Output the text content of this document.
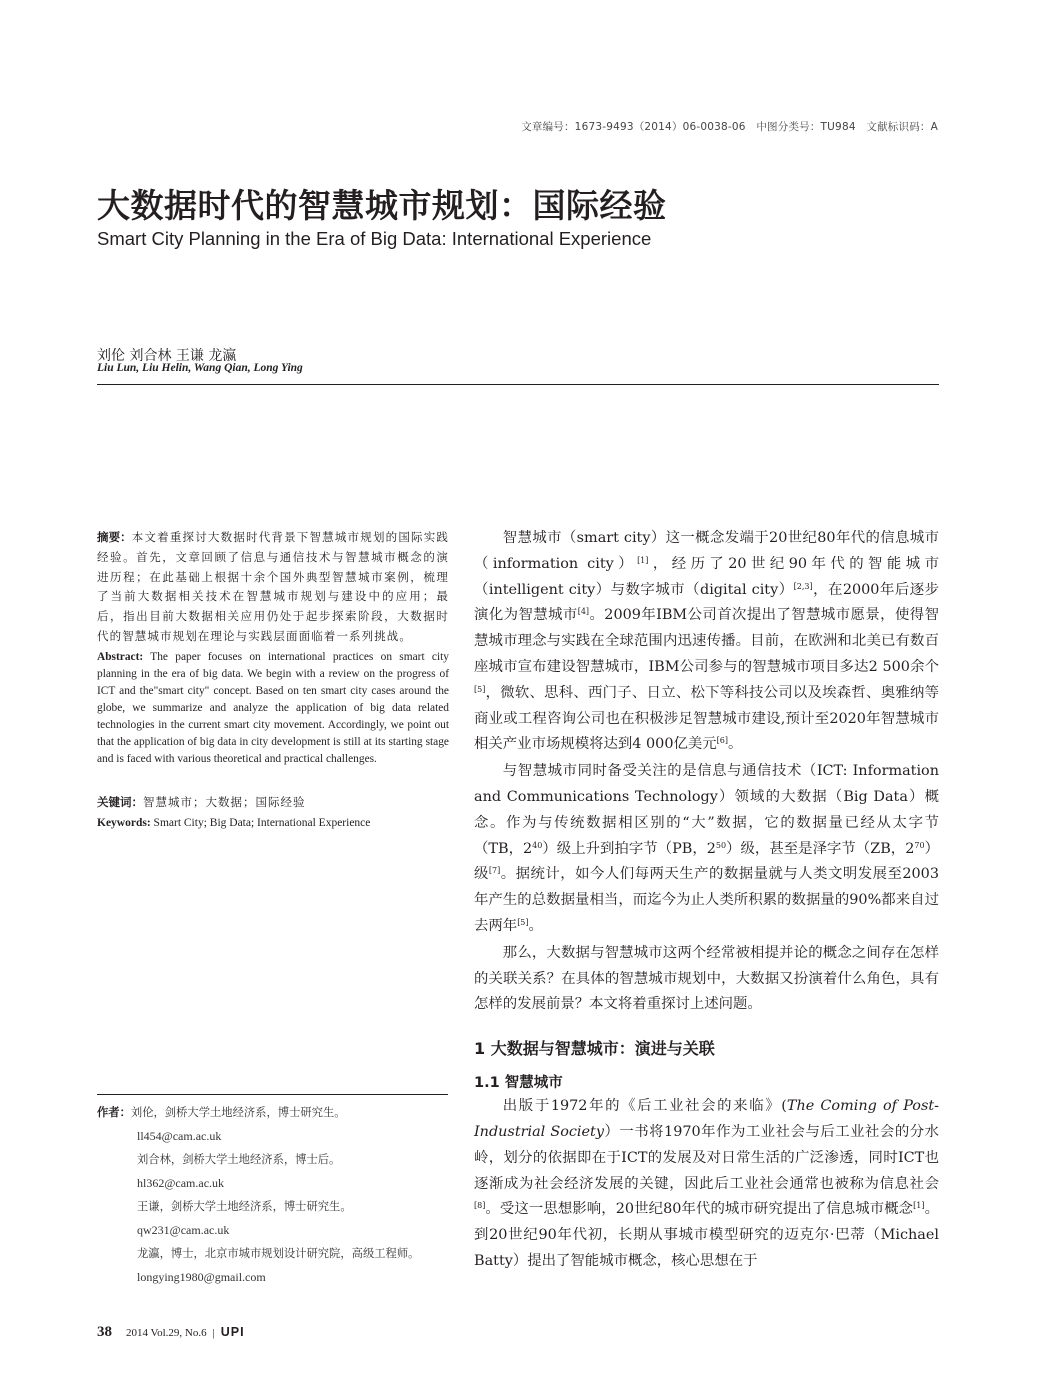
文章编号：1673-9493（2014）06-0038-06　中图分类号：TU984　文献标识码：A
大数据时代的智慧城市规划：国际经验
Smart City Planning in the Era of Big Data: International Experience
刘伦 刘合林 王谦 龙瀛
Liu Lun, Liu Helin, Wang Qian, Long Ying
摘要：本文着重探讨大数据时代背景下智慧城市规划的国际实践经验。首先，文章回顾了信息与通信技术与智慧城市概念的演进历程；在此基础上根据十余个国外典型智慧城市案例，梳理了当前大数据相关技术在智慧城市规划与建设中的应用；最后，指出目前大数据相关应用仍处于起步探索阶段，大数据时代的智慧城市规划在理论与实践层面面临着一系列挑战。
Abstract: The paper focuses on international practices on smart city planning in the era of big data. We begin with a review on the progress of ICT and the"smart city" concept. Based on ten smart city cases around the globe, we summarize and analyze the application of big data related technologies in the current smart city movement. Accordingly, we point out that the application of big data in city development is still at its starting stage and is faced with various theoretical and practical challenges.
关键词：智慧城市；大数据；国际经验
Keywords: Smart City; Big Data; International Experience

智慧城市（smart city）这一概念发端于20世纪80年代的信息城市（information city）[1]，经历了20世纪90年代的智能城市（intelligent city）与数字城市（digital city）[2,3]，在2000年后逐步演化为智慧城市[4]。2009年IBM公司首次提出了智慧城市愿景，使得智慧城市理念与实践在全球范围内迅速传播。目前，在欧洲和北美已有数百座城市宣布建设智慧城市，IBM公司参与的智慧城市项目多达2 500余个[5]，微软、思科、西门子、日立、松下等科技公司以及埃森哲、奥雅纳等商业或工程咨询公司也在积极涉足智慧城市建设,预计至2020年智慧城市相关产业市场规模将达到4 000亿美元[6]。

与智慧城市同时备受关注的是信息与通信技术（ICT: Information and Communications Technology）领域的大数据（Big Data）概念。作为与传统数据相区别的“大”数据，它的数据量已经从太字节（TB，$2^{40}$）级上升到拍字节（PB，$2^{50}$）级，甚至是泽字节（ZB，$2^{70}$）级[7]。据统计，如今人们每两天生产的数据量就与人类文明发展至2003年产生的总数据量相当，而迄今为止人类所积累的数据量的90%都来自过去两年[5]。

那么，大数据与智慧城市这两个经常被相提并论的概念之间存在怎样的关联关系？在具体的智慧城市规划中，大数据又扮演着什么角色，具有怎样的发展前景？本文将着重探讨上述问题。

1 大数据与智慧城市：演进与关联
1.1 智慧城市

出版于1972年的《后工业社会的来临》(The Coming of Post-Industrial Society）一书将1970年作为工业社会与后工业社会的分水岭，划分的依据即在于ICT的发展及对日常生活的广泛渗透，同时ICT也逐渐成为社会经济发展的关键，因此后工业社会通常也被称为信息社会[8]。受这一思想影响，20世纪80年代的城市研究提出了信息城市概念[1]。到20世纪90年代初，长期从事城市模型研究的迈克尔·巴蒂（Michael Batty）提出了智能城市概念，核心思想在于

作者：刘伦，剑桥大学土地经济系，博士研究生。
ll454@cam.ac.uk
刘合林，剑桥大学土地经济系，博士后。
hl362@cam.ac.uk
王谦，剑桥大学土地经济系，博士研究生。
qw231@cam.ac.uk
龙瀛，博士，北京市城市规划设计研究院，高级工程师。
longying1980@gmail.com
38 2014 Vol.29, No.6 | UPI
